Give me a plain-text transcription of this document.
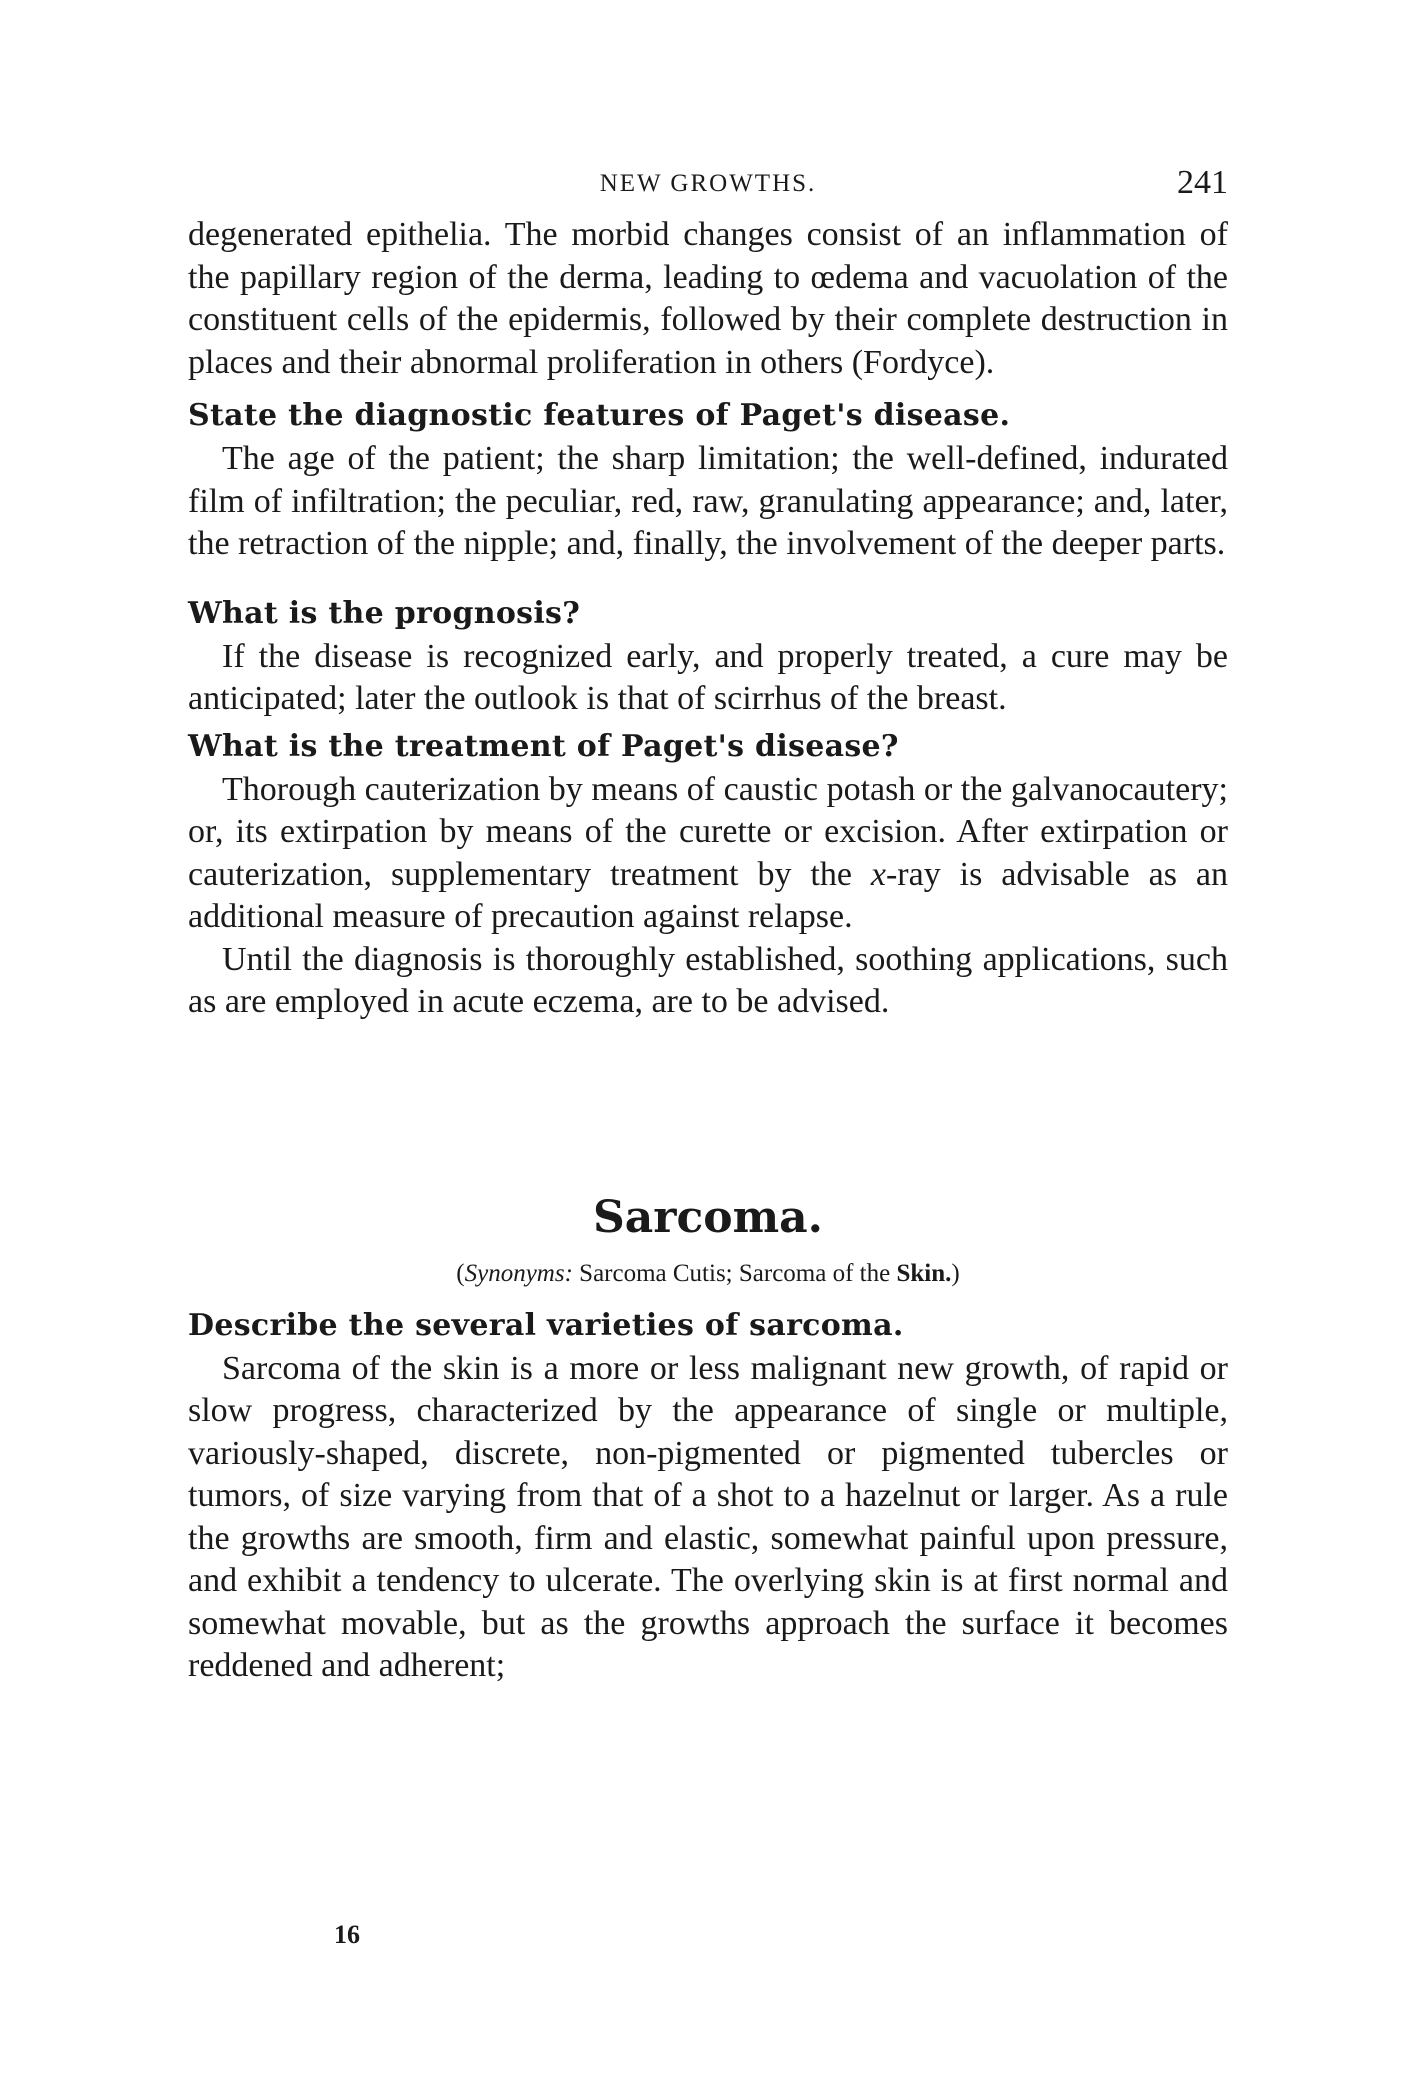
NEW GROWTHS.	241

degenerated epithelia. The morbid changes consist of an inflammation of the papillary region of the derma, leading to œdema and vacuolation of the constituent cells of the epidermis, followed by their complete destruction in places and their abnormal proliferation in others (Fordyce).

State the diagnostic features of Paget's disease.

The age of the patient; the sharp limitation; the well-defined, indurated film of infiltration; the peculiar, red, raw, granulating appearance; and, later, the retraction of the nipple; and, finally, the involvement of the deeper parts.

What is the prognosis?

If the disease is recognized early, and properly treated, a cure may be anticipated; later the outlook is that of scirrhus of the breast.

What is the treatment of Paget's disease?

Thorough cauterization by means of caustic potash or the galvanocautery; or, its extirpation by means of the curette or excision. After extirpation or cauterization, supplementary treatment by the x-ray is advisable as an additional measure of precaution against relapse.

Until the diagnosis is thoroughly established, soothing applications, such as are employed in acute eczema, are to be advised.

Sarcoma.
(Synonyms: Sarcoma Cutis; Sarcoma of the Skin.)
Describe the several varieties of sarcoma.

Sarcoma of the skin is a more or less malignant new growth, of rapid or slow progress, characterized by the appearance of single or multiple, variously-shaped, discrete, non-pigmented or pigmented tubercles or tumors, of size varying from that of a shot to a hazelnut or larger. As a rule the growths are smooth, firm and elastic, somewhat painful upon pressure, and exhibit a tendency to ulcerate. The overlying skin is at first normal and somewhat movable, but as the growths approach the surface it becomes reddened and adherent;

16
